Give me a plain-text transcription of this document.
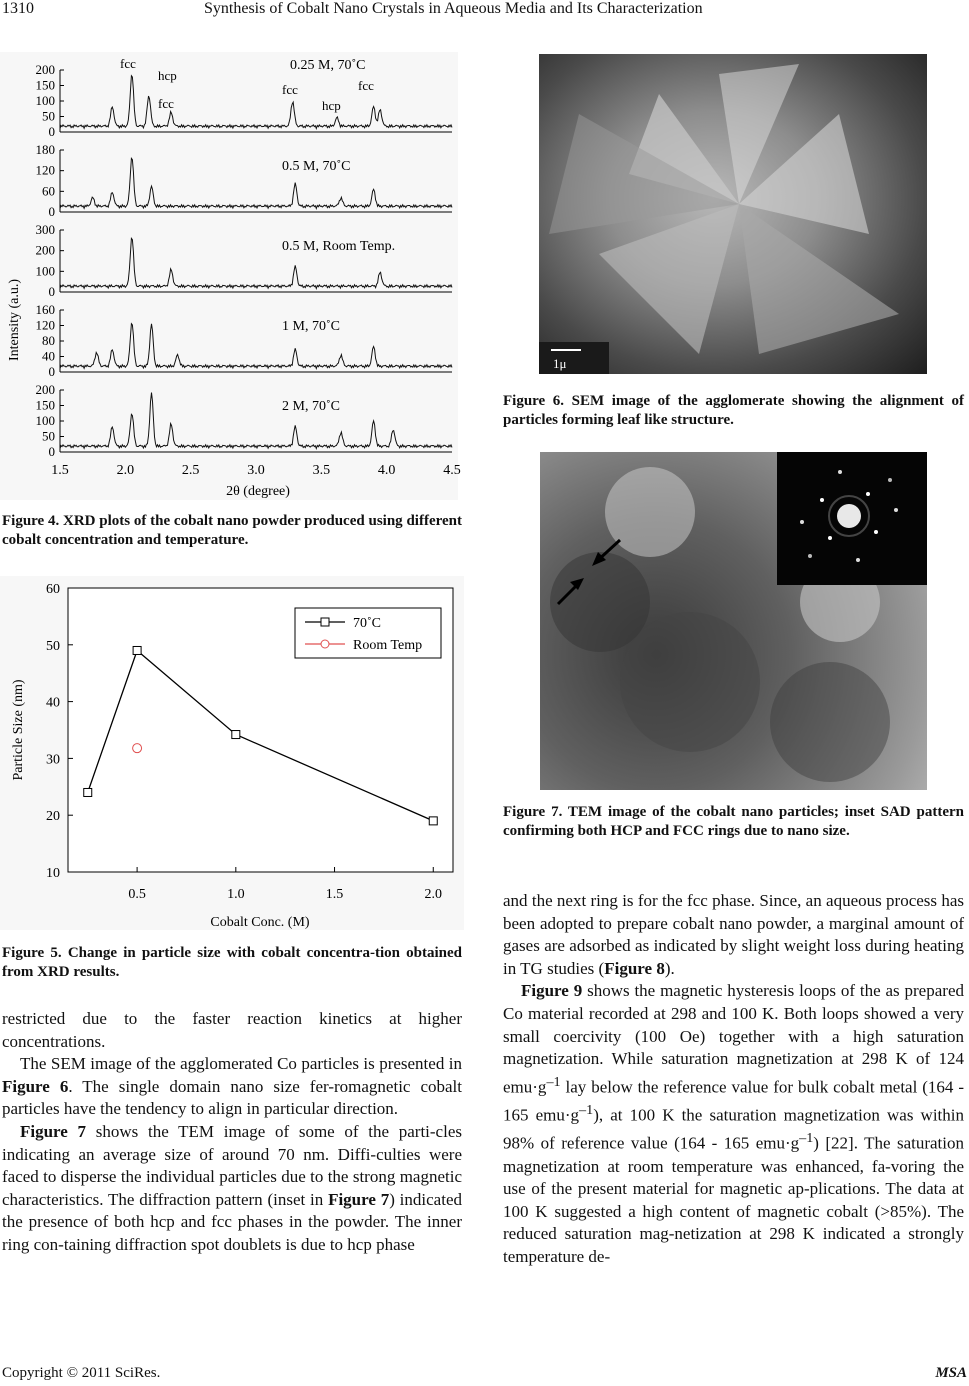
1310	Synthesis of Cobalt Nano Crystals in Aqueous Media and Its Characterization
Intensity (a.u.)
2θ (degree)
200
150
100
50
0
0.25 M, 70˚C
180
120
60
0
0.5 M, 70˚C
300
200
100
0
0.5 M, Room Temp.
160
120
80
40
0
1 M, 70˚C
200
150
100
50
0
2 M, 70˚C
fcc
hcp
fcc
fcc
hcp
fcc
1.5	2.0	2.5	3.0	3.5	4.0	4.5
Figure 4. XRD plots of the cobalt nano powder produced using different cobalt concentration and temperature.
Particle Size (nm)
Cobalt Conc. (M)
10
20
30
40
50
60
0.5	1.0	1.5	2.0
70˚C
Room Temp
Figure 5. Change in particle size with cobalt concentra-tion obtained from XRD results.

restricted due to the faster reaction kinetics at higher concentrations.

The SEM image of the agglomerated Co particles is presented in Figure 6. The single domain nano size fer-romagnetic cobalt particles have the tendency to align in particular direction.

Figure 7 shows the TEM image of some of the parti-cles indicating an average size of around 70 nm. Diffi-culties were faced to disperse the individual particles due to the strong magnetic characteristics. The diffraction pattern (inset in Figure 7) indicated the presence of both hcp and fcc phases in the powder. The inner ring con-taining diffraction spot doublets is due to hcp phase

1μ
Figure 6. SEM image of the agglomerate showing the alignment of particles forming leaf like structure.
Figure 7. TEM image of the cobalt nano particles; inset SAD pattern confirming both HCP and FCC rings due to nano size.

and the next ring is for the fcc phase. Since, an aqueous process has been adopted to prepare cobalt nano powder, a marginal amount of gases are adsorbed as indicated by slight weight loss during heating in TG studies (Figure 8).

Figure 9 shows the magnetic hysteresis loops of the as prepared Co material recorded at 298 and 100 K. Both loops showed a very small coercivity (100 Oe) together with a high saturation magnetization. While saturation magnetization at 298 K of 124 $emu\cdot g^{-1}$ lay below the reference value for bulk cobalt metal (164 - 165 $emu\cdot g^{-1}$), at 100 K the saturation magnetization was within 98% of reference value (164 - 165 $emu\cdot g^{-1}$) [22]. The saturation magnetization at room temperature was enhanced, fa-voring the use of the present material for magnetic ap-plications. The data at 100 K suggested a high content of magnetic cobalt (>85%). The reduced saturation mag-netization at 298 K indicated a strongly temperature de-

Copyright © 2011 SciRes.	MSA
